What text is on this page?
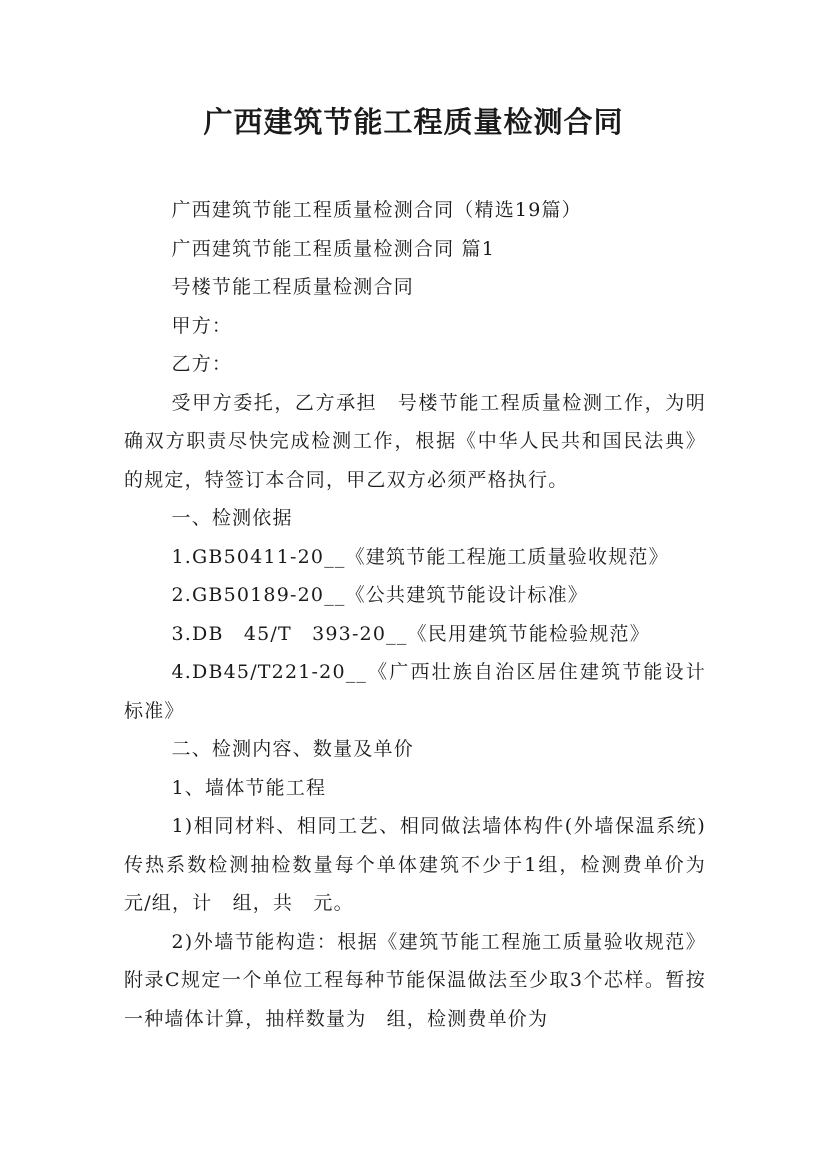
广西建筑节能工程质量检测合同

广西建筑节能工程质量检测合同（精选19篇）

广西建筑节能工程质量检测合同 篇1

号楼节能工程质量检测合同

甲方：

乙方：

受甲方委托，乙方承担　号楼节能工程质量检测工作，为明确双方职责尽快完成检测工作，根据《中华人民共和国民法典》的规定，特签订本合同，甲乙双方必须严格执行。

一、检测依据

1.GB50411-20__《建筑节能工程施工质量验收规范》

2.GB50189-20__《公共建筑节能设计标准》

3.DB　45/T　393-20__《民用建筑节能检验规范》

4.DB45/T221-20__《广西壮族自治区居住建筑节能设计标准》

二、检测内容、数量及单价

1、墙体节能工程

1)相同材料、相同工艺、相同做法墙体构件(外墙保温系统)传热系数检测抽检数量每个单体建筑不少于1组，检测费单价为　元/组，计　组，共　元。

2)外墙节能构造：根据《建筑节能工程施工质量验收规范》附录C规定一个单位工程每种节能保温做法至少取3个芯样。暂按一种墙体计算，抽样数量为　组，检测费单价为
